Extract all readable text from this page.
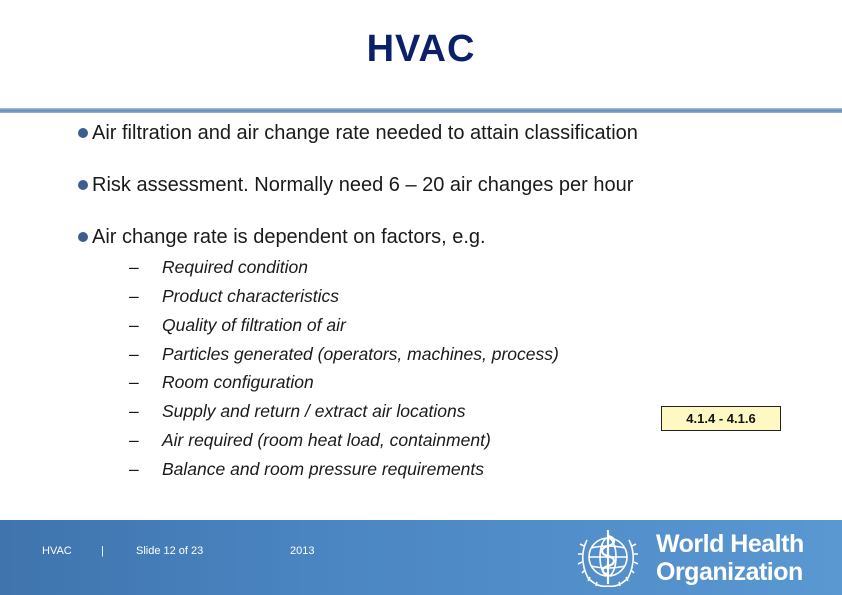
HVAC
Air filtration and air change rate needed to attain classification
Risk assessment. Normally need 6 – 20 air changes per hour
Air change rate is dependent on factors, e.g.
– Required condition
– Product characteristics
– Quality of filtration of air
– Particles generated (operators, machines, process)
– Room configuration
– Supply and return / extract air locations
– Air required (room heat load, containment)
– Balance and room pressure requirements
4.1.4 - 4.1.6
HVAC	|	Slide 12 of 23	2013	World Health
Organization
